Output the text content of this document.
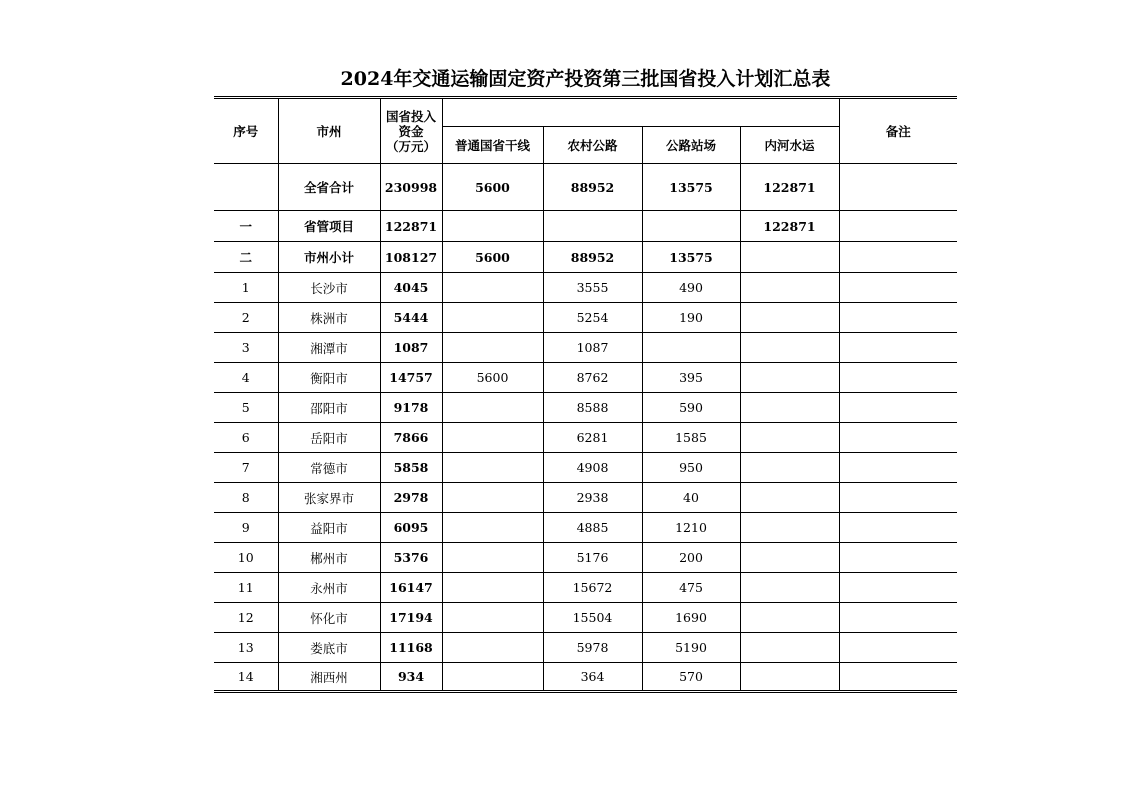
2024年交通运输固定资产投资第三批国省投入计划汇总表
序号	市州	国省投入
资金
（万元）					备注
			普通国省干线	农村公路	公路站场	内河水运	
	全省合计	230998	5600	88952	13575	122871	
一	省管项目	122871				122871	
二	市州小计	108127	5600	88952	13575		
1	长沙市	4045		3555	490		
2	株洲市	5444		5254	190		
3	湘潭市	1087		1087			
4	衡阳市	14757	5600	8762	395		
5	邵阳市	9178		8588	590		
6	岳阳市	7866		6281	1585		
7	常德市	5858		4908	950		
8	张家界市	2978		2938	40		
9	益阳市	6095		4885	1210		
10	郴州市	5376		5176	200		
11	永州市	16147		15672	475		
12	怀化市	17194		15504	1690		
13	娄底市	11168		5978	5190		
14	湘西州	934		364	570		
